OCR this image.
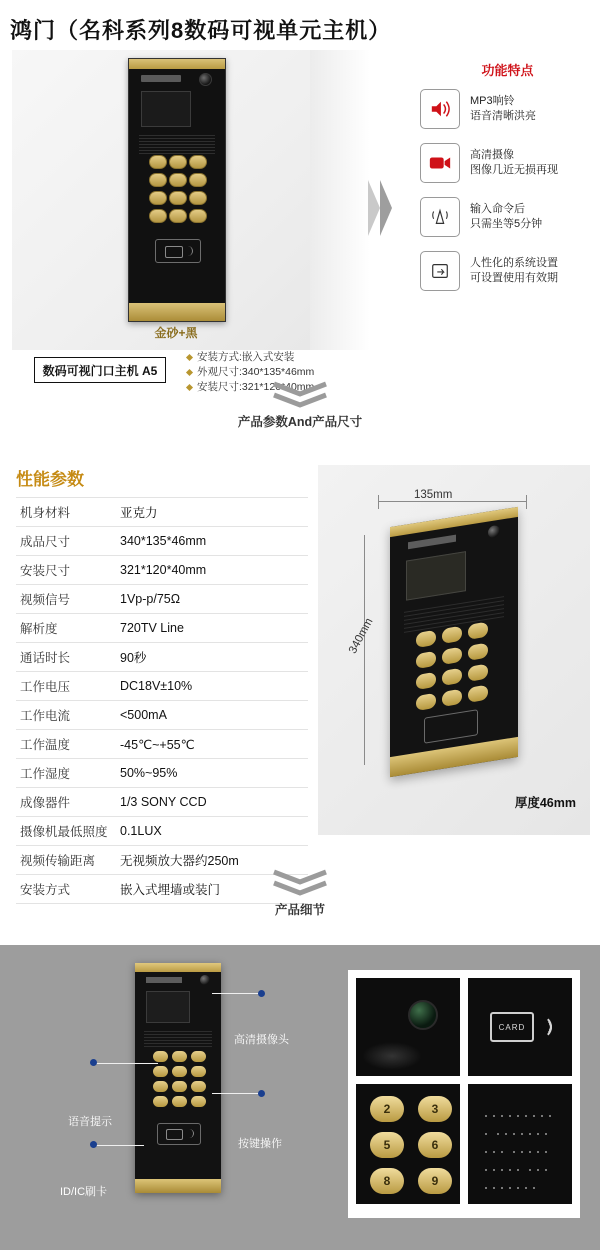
鸿门（名科系列8数码可视单元主机）
金砂+黑
数码可视门口主机 A5
安装方式:嵌入式安装
外观尺寸:340*135*46mm
安装尺寸:321*120*40mm
功能特点
MP3响铃
语音清晰洪亮
高清摄像
图像几近无损再现
输入命令后
只需坐等5分钟
人性化的系统设置
可设置使用有效期
产品参数And产品尺寸
性能参数
机身材料	亚克力
成品尺寸	340*135*46mm
安装尺寸	321*120*40mm
视频信号	1Vp-p/75Ω
解析度	720TV Line
通话时长	90秒
工作电压	DC18V±10%
工作电流	<500mA
工作温度	-45℃~+55℃
工作湿度	50%~95%
成像器件	1/3 SONY CCD
摄像机最低照度	0.1LUX
视频传输距离	无视频放大器约250m
安装方式	嵌入式埋墙或装门
135mm
340mm
厚度46mm
产品细节
高清摄像头
语音提示
按键操作
ID/IC刷卡
CARD
2	3
5	6
8	9
